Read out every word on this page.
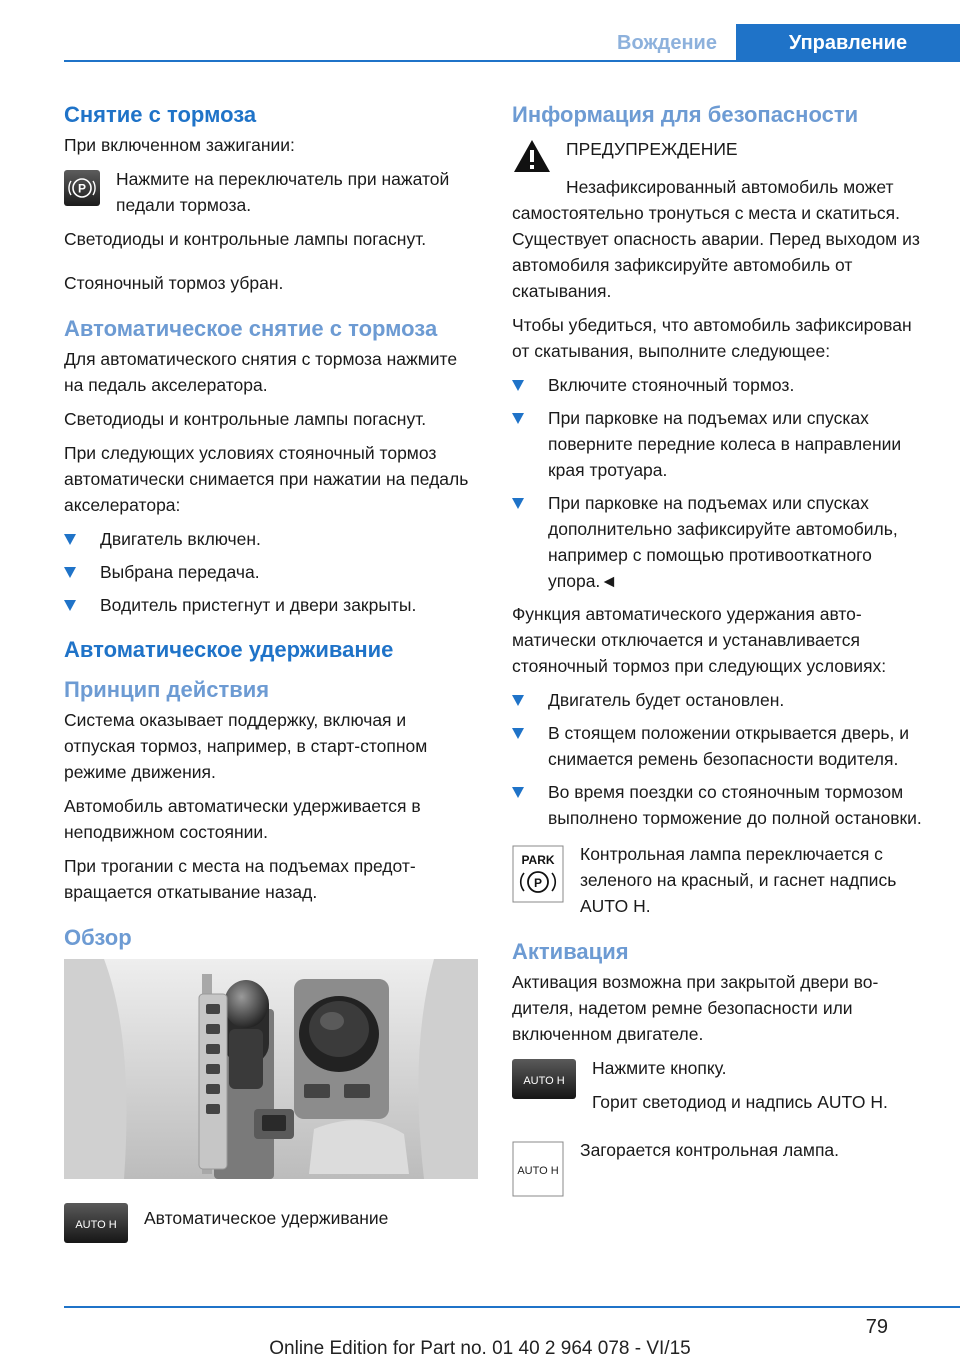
Вождение	Управление
Снятие с тормоза

При включенном зажигании:

P Нажмите на переключатель при нажатой педали тормоза.

Светодиоды и контрольные лампы погаснут.

Стояночный тормоз убран.

Автоматическое снятие с тормоза

Для автоматического снятия с тормоза нажмите на педаль акселератора.

Светодиоды и контрольные лампы погаснут.

При следующих условиях стояночный тормоз автоматически снимается при нажатии на педаль акселератора:

Двигатель включен.
Выбрана передача.
Водитель пристегнут и двери закрыты.
Автоматическое удерживание
Принцип действия

Система оказывает поддержку, включая и отпуская тормоз, например, в старт-стопном режиме движения.

Автомобиль автоматически удерживается в неподвижном состоянии.

При трогании с места на подъемах предотвращается откатывание назад.

Обзор
AUTO H Автоматическое удерживание
Информация для безопасности
ПРЕДУПРЕЖДЕНИЕ

Незафиксированный автомобиль может самостоятельно тронуться с места и скатиться. Существует опасность аварии. Перед выходом из автомобиля зафиксируйте автомобиль от скатывания.

Чтобы убедиться, что автомобиль зафиксирован от скатывания, выполните следующее:

Включите стояночный тормоз.
При парковке на подъемах или спусках поверните передние колеса в направлении края тротуара.
При парковке на подъемах или спусках дополнительно зафиксируйте автомобиль, например с помощью противооткатного упора.◄

Функция автоматического удержания автоматически отключается и устанавливается стояночный тормоз при следующих условиях:

Двигатель будет остановлен.
В стоящем положении открывается дверь, и снимается ремень безопасности водителя.
Во время поездки со стояночным тормозом выполнено торможение до полной остановки.
PARK
P
Контрольная лампа переключается с зеленого на красный, и гаснет надпись AUTO H.
Активация

Активация возможна при закрытой двери водителя, надетом ремне безопасности или включенном двигателе.

AUTO H

Нажмите кнопку.

Горит светодиод и надпись AUTO H.

AUTO H
Загорается контрольная лампа.
79
Online Edition for Part no. 01 40 2 964 078 - VI/15
